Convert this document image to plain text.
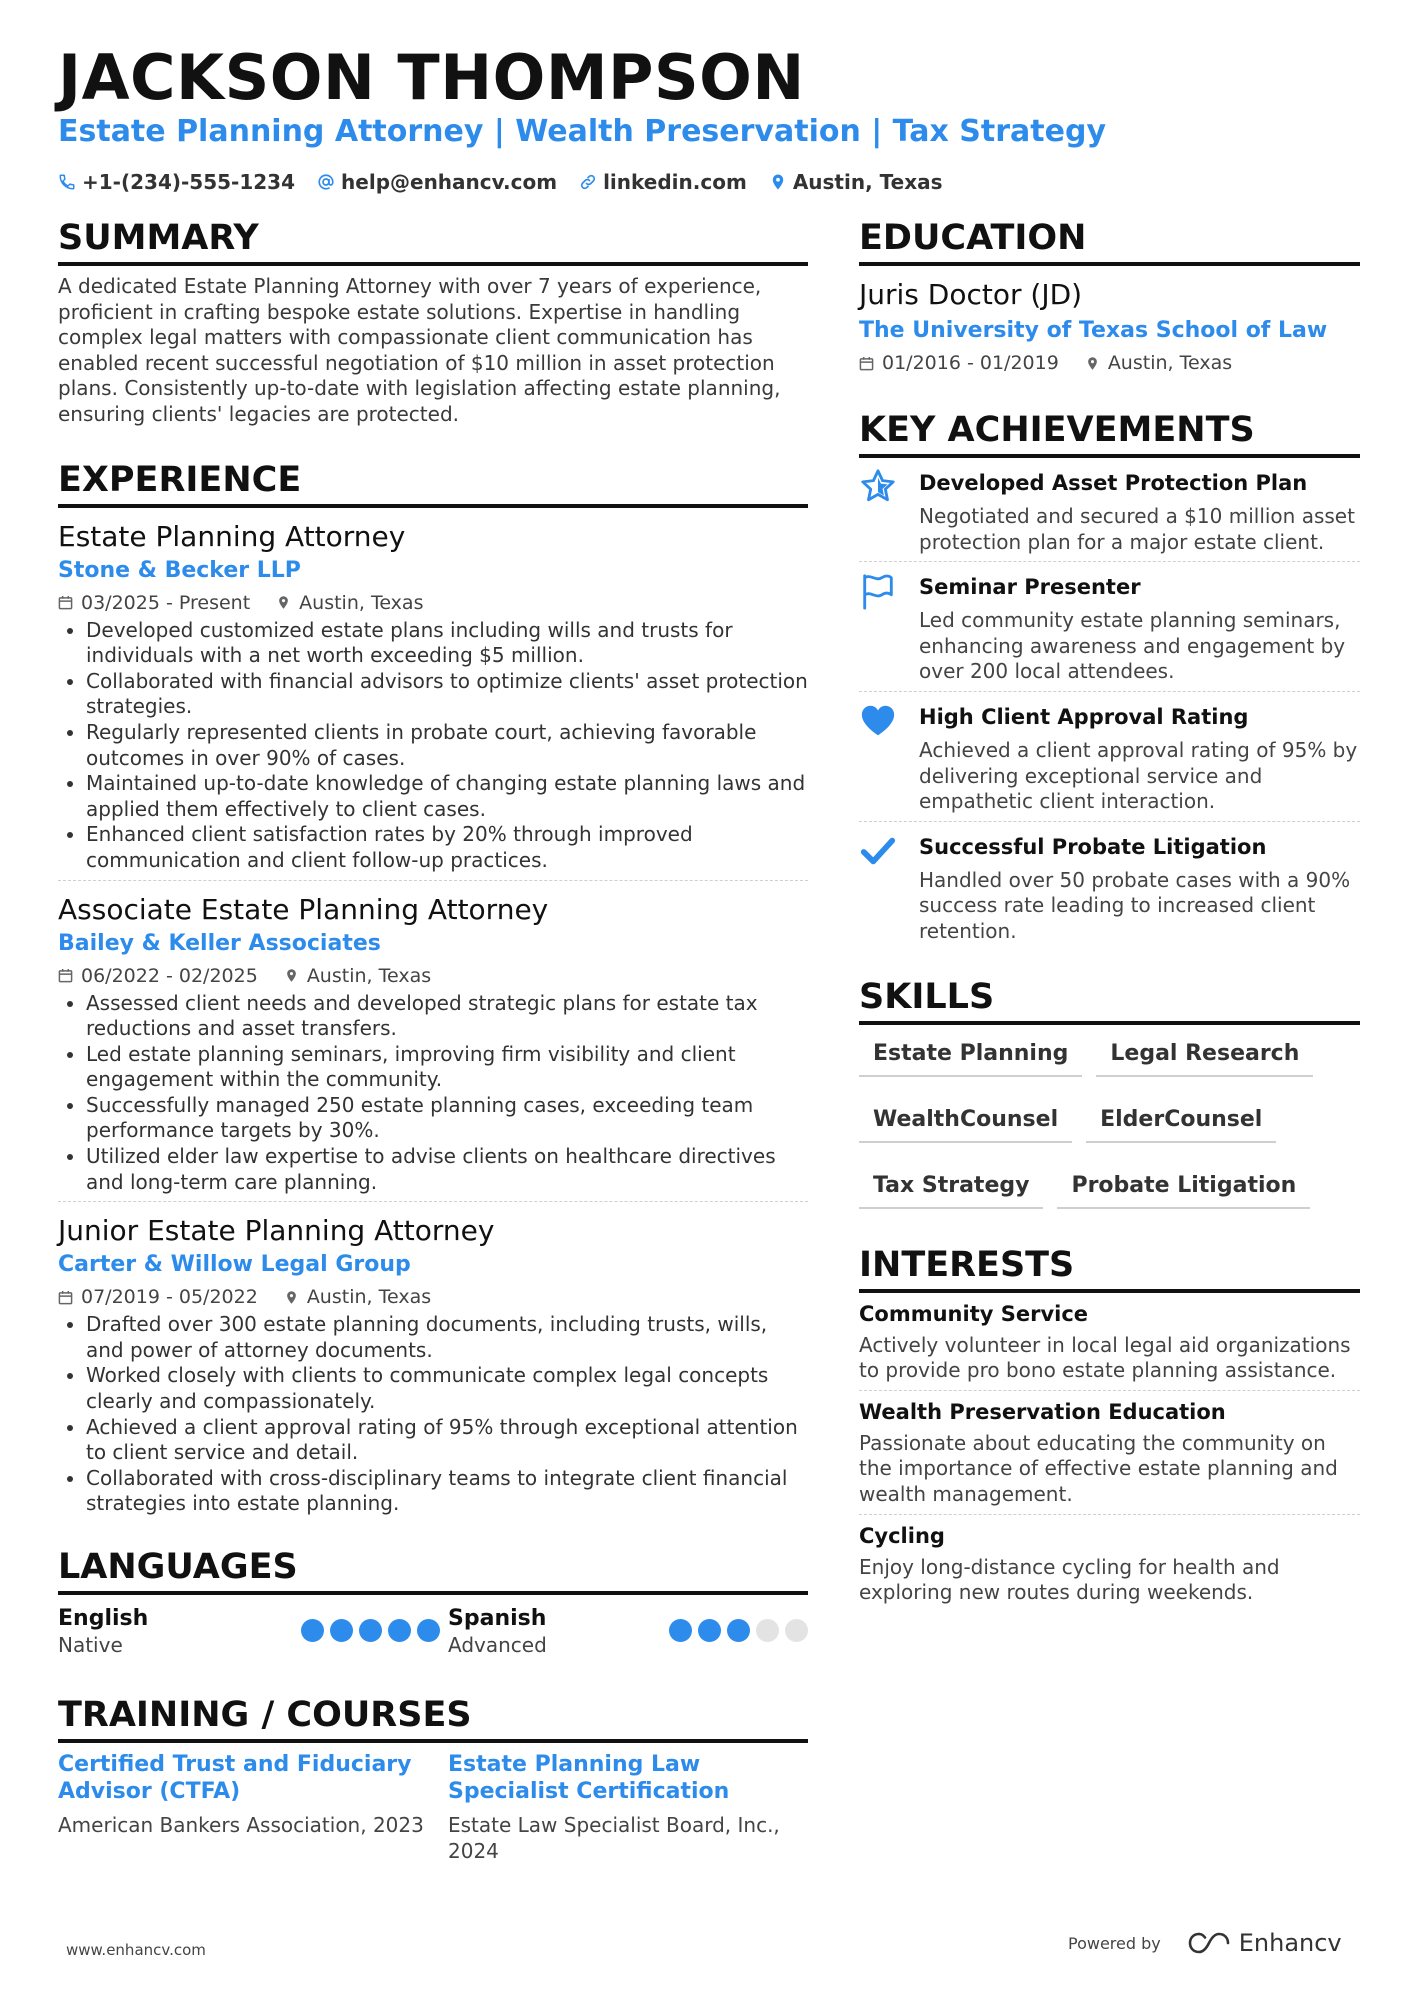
JACKSON THOMPSON
Estate Planning Attorney | Wealth Preservation | Tax Strategy
+1-(234)-555-1234 help@enhancv.com linkedin.com Austin, Texas
SUMMARY

A dedicated Estate Planning Attorney with over 7 years of experience, proficient in crafting bespoke estate solutions. Expertise in handling complex legal matters with compassionate client communication has enabled recent successful negotiation of $10 million in asset protection plans. Consistently up-to-date with legislation affecting estate planning, ensuring clients' legacies are protected.

EXPERIENCE

Estate Planning Attorney

Stone & Becker LLP

03/2025 - Present	Austin, Texas
• Developed customized estate plans including wills and trusts for individuals with a net worth exceeding $5 million.
• Collaborated with financial advisors to optimize clients' asset protection strategies.
• Regularly represented clients in probate court, achieving favorable outcomes in over 90% of cases.
• Maintained up-to-date knowledge of changing estate planning laws and applied them effectively to client cases.
• Enhanced client satisfaction rates by 20% through improved communication and client follow-up practices.

Associate Estate Planning Attorney

Bailey & Keller Associates

06/2022 - 02/2025	Austin, Texas
• Assessed client needs and developed strategic plans for estate tax reductions and asset transfers.
• Led estate planning seminars, improving firm visibility and client engagement within the community.
• Successfully managed 250 estate planning cases, exceeding team performance targets by 30%.
• Utilized elder law expertise to advise clients on healthcare directives and long-term care planning.

Junior Estate Planning Attorney

Carter & Willow Legal Group

07/2019 - 05/2022	Austin, Texas
• Drafted over 300 estate planning documents, including trusts, wills, and power of attorney documents.
• Worked closely with clients to communicate complex legal concepts clearly and compassionately.
• Achieved a client approval rating of 95% through exceptional attention to client service and detail.
• Collaborated with cross-disciplinary teams to integrate client financial strategies into estate planning.
LANGUAGES
English
Native
Spanish
Advanced
TRAINING / COURSES

Certified Trust and Fiduciary Advisor (CTFA)

American Bankers Association, 2023

Estate Planning Law Specialist Certification

Estate Law Specialist Board, Inc., 2024

EDUCATION

Juris Doctor (JD)

The University of Texas School of Law

01/2016 - 01/2019	Austin, Texas
KEY ACHIEVEMENTS

Developed Asset Protection Plan

Negotiated and secured a $10 million asset protection plan for a major estate client.

Seminar Presenter

Led community estate planning seminars, enhancing awareness and engagement by over 200 local attendees.

High Client Approval Rating

Achieved a client approval rating of 95% by delivering exceptional service and empathetic client interaction.

Successful Probate Litigation

Handled over 50 probate cases with a 90% success rate leading to increased client retention.

SKILLS
Estate Planning	Legal Research
WealthCounsel	ElderCounsel
Tax Strategy	Probate Litigation
INTERESTS

Community Service

Actively volunteer in local legal aid organizations to provide pro bono estate planning assistance.

Wealth Preservation Education

Passionate about educating the community on the importance of effective estate planning and wealth management.

Cycling

Enjoy long-distance cycling for health and exploring new routes during weekends.

www.enhancv.com	Powered by	Enhancv
